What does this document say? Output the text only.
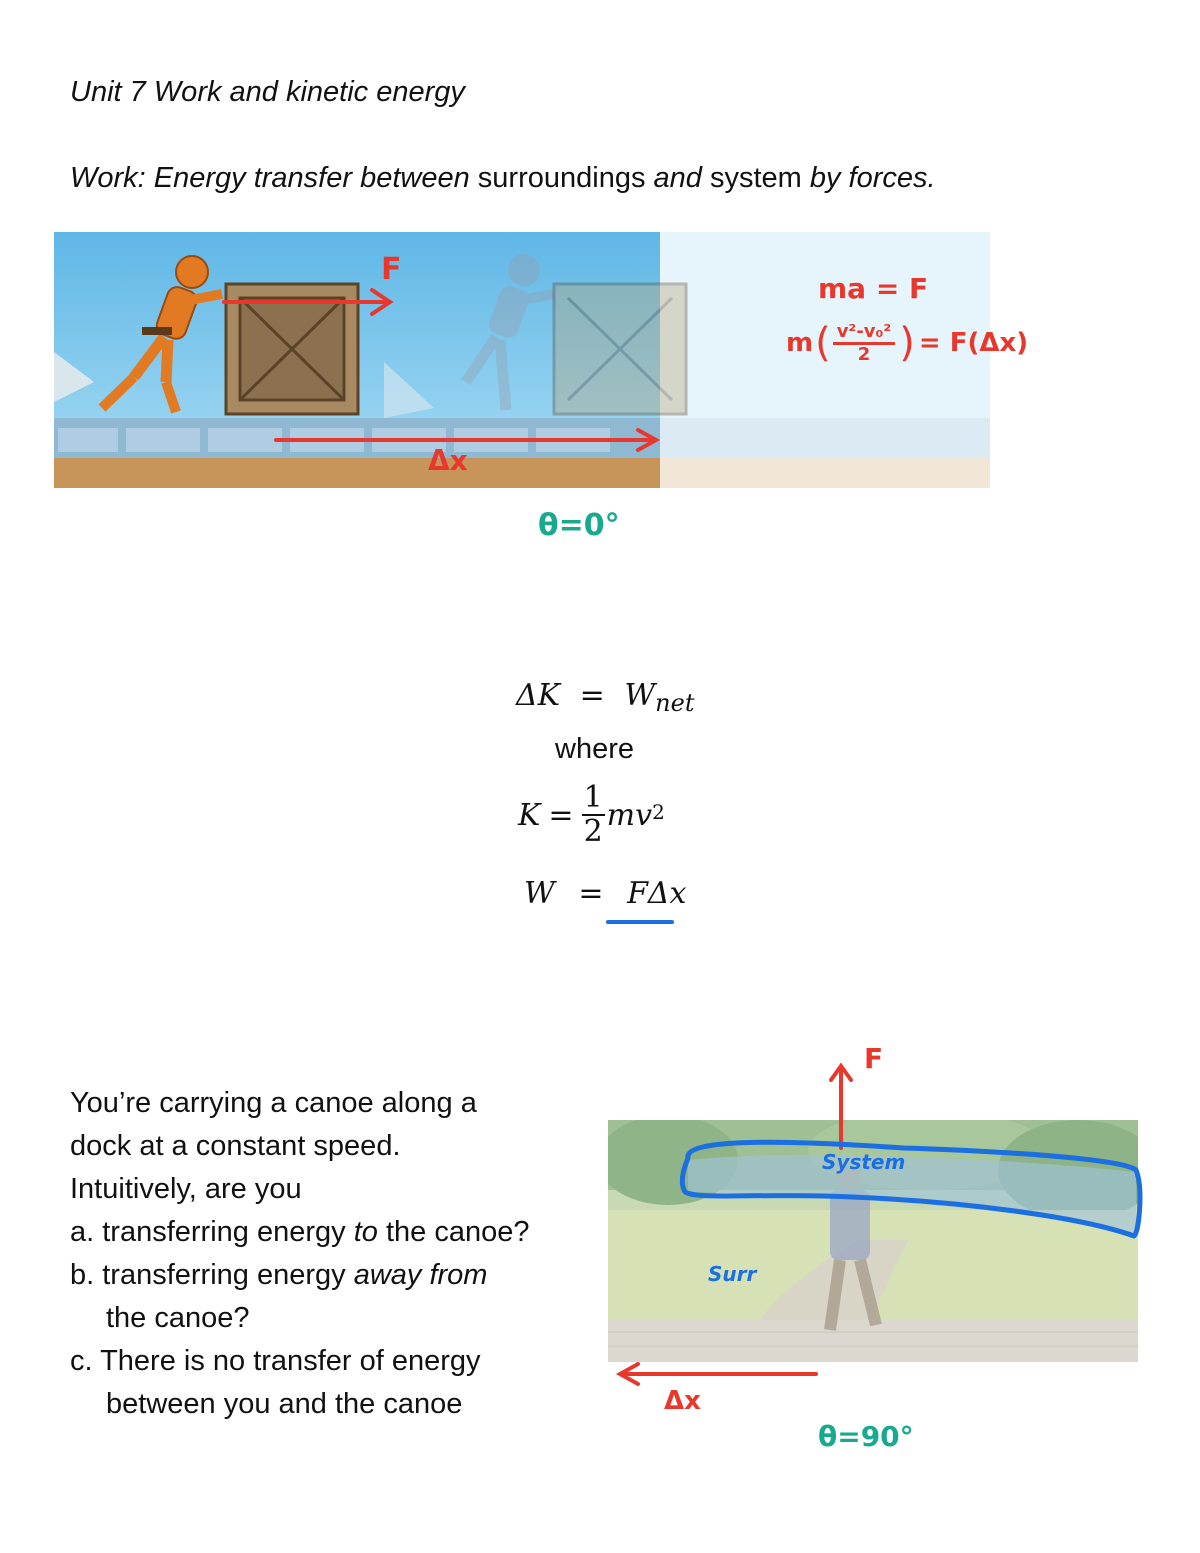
Unit 7 Work and kinetic energy
Work: Energy transfer between surroundings and system by forces.
F
Δx
ma = F
m ( $\frac{\text{v²-v₀²}}{2}$ ) = F(Δx)
θ=0°
$\Delta K = W_{net}$
where
$K = \frac{1}{2}$ mv 2
W = FΔx
You’re carrying a canoe along a
dock at a constant speed.
Intuitively, are you
a. transferring energy to the canoe?
b. transferring energy away from
the canoe?
c. There is no transfer of energy
between you and the canoe
F
System
Surr
Δx
θ=90°
